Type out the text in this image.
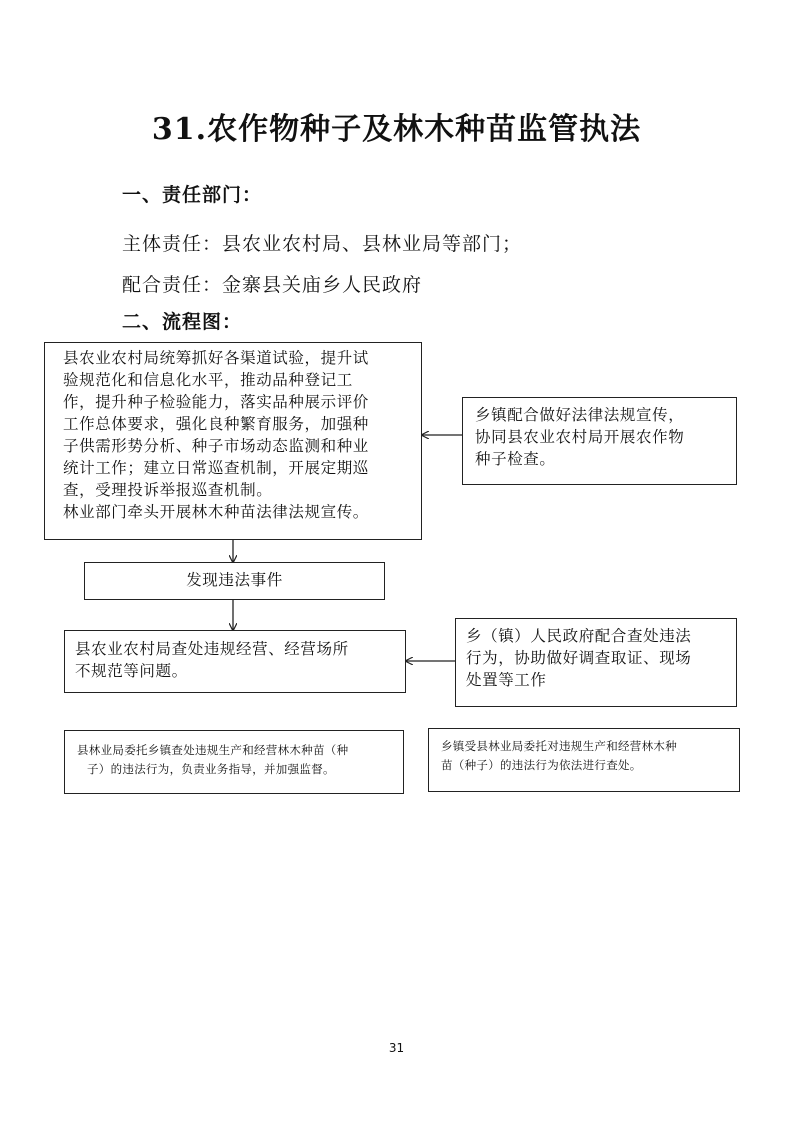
31.农作物种子及林木种苗监管执法
一、责任部门：
主体责任：县农业农村局、县林业局等部门；
配合责任：金寨县关庙乡人民政府
二、流程图：
县农业农村局统筹抓好各渠道试验，提升试
验规范化和信息化水平，推动品种登记工
作，提升种子检验能力，落实品种展示评价
工作总体要求，强化良种繁育服务，加强种
子供需形势分析、种子市场动态监测和种业
统计工作；建立日常巡查机制，开展定期巡
查，受理投诉举报巡查机制。
林业部门牵头开展林木种苗法律法规宣传。
乡镇配合做好法律法规宣传，
协同县农业农村局开展农作物
种子检查。
发现违法事件
县农业农村局查处违规经营、经营场所
不规范等问题。
乡（镇）人民政府配合查处违法
行为，协助做好调查取证、现场
处置等工作
县林业局委托乡镇查处违规生产和经营林木种苗（种
子）的违法行为，负责业务指导，并加强监督。
乡镇受县林业局委托对违规生产和经营林木种
苗（种子）的违法行为依法进行查处。
31
